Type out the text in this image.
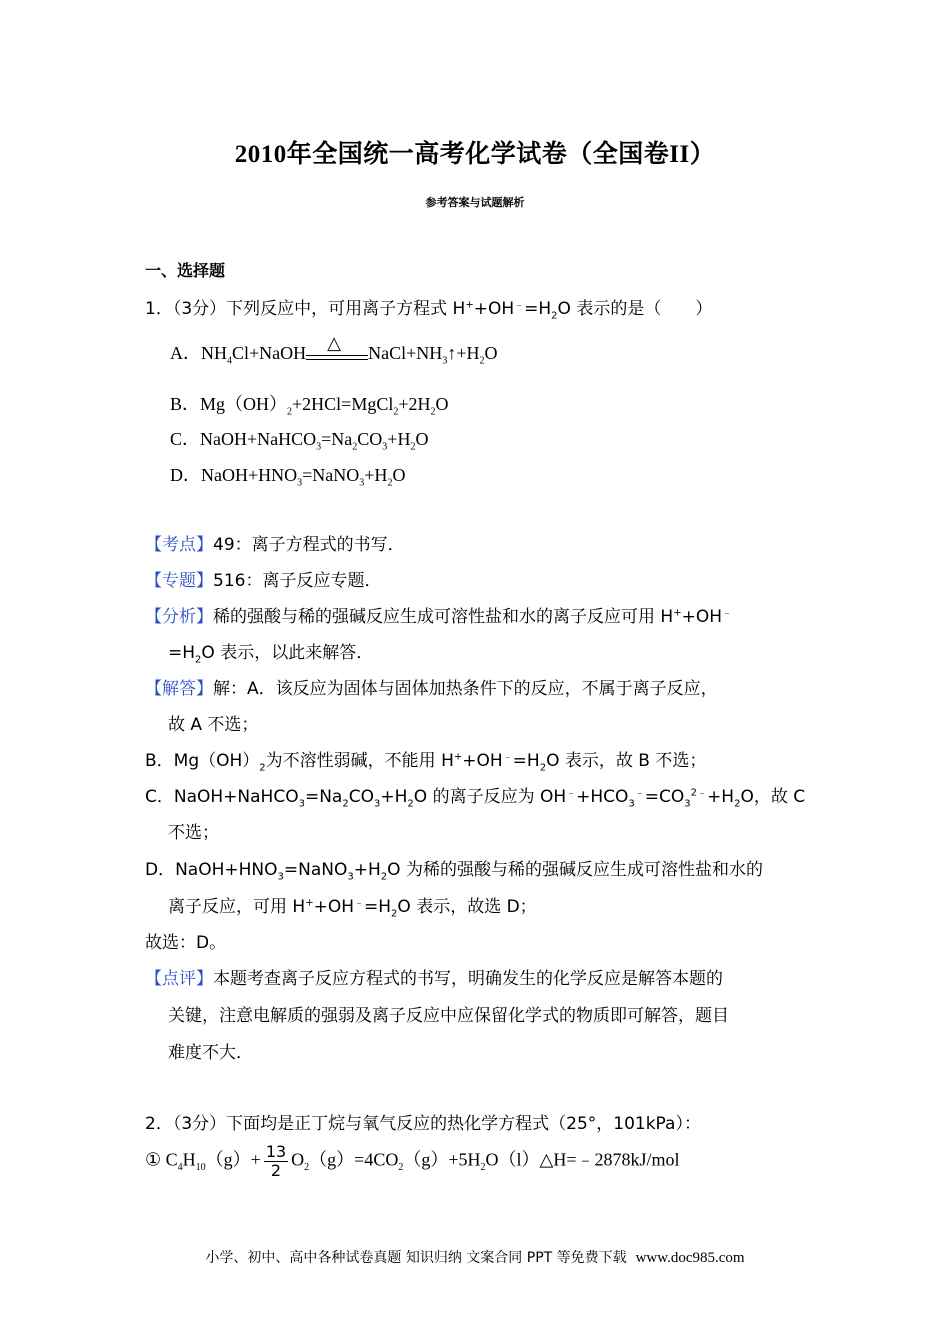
2010年全国统一高考化学试卷（全国卷II）
参考答案与试题解析
一、选择题
1．（3分）下列反应中，可用离子方程式 $H^++OH^﹣=H_2O$ 表示的是（　　）
A．$NH_4Cl+NaOH$ △ $NaCl+NH_3↑+H_2O$
B．$Mg(OH)_2+2HCl=MgCl_2+2H_2O$
C．$NaOH+NaHCO_3=Na_2CO_3+H_2O$
D．$NaOH+HNO_3=NaNO_3+H_2O$
【考点】49：离子方程式的书写．
【专题】516：离子反应专题．
【分析】稀的强酸与稀的强碱反应生成可溶性盐和水的离子反应可用 H++OH﹣
$=H_2O$ 表示，以此来解答．
【解答】解：A．该反应为固体与固体加热条件下的反应，不属于离子反应，
故 A 不选；
B．$Mg(OH)_2$为不溶性弱碱，不能用 $H^++OH^﹣=H_2O$ 表示，故 B 不选；
C．$NaOH+NaHCO_3=Na_2CO_3+H_2O$ 的离子反应为 $OH^﹣+HCO_3^﹣=CO_3^{2﹣}+H_2O$，故 C
不选；
D．$NaOH+HNO_3=NaNO_3+H_2O$ 为稀的强酸与稀的强碱反应生成可溶性盐和水的
离子反应，可用 $H^++OH^﹣=H_2O$ 表示，故选 D；
故选：D。
【点评】本题考查离子反应方程式的书写，明确发生的化学反应是解答本题的
关键，注意电解质的强弱及离子反应中应保留化学式的物质即可解答，题目
难度不大．
2．（3分）下面均是正丁烷与氧气反应的热化学方程式（25°，101kPa）：
① $C_4H_{10}(g)+ \frac{13}{2}$ $O_2(g)=4CO_2(g)+5H_2O(l)\triangle H=﹣2878kJ$/mol
小学、初中、高中各种试卷真题 知识归纳 文案合同 PPT 等免费下载 www.doc985.com
